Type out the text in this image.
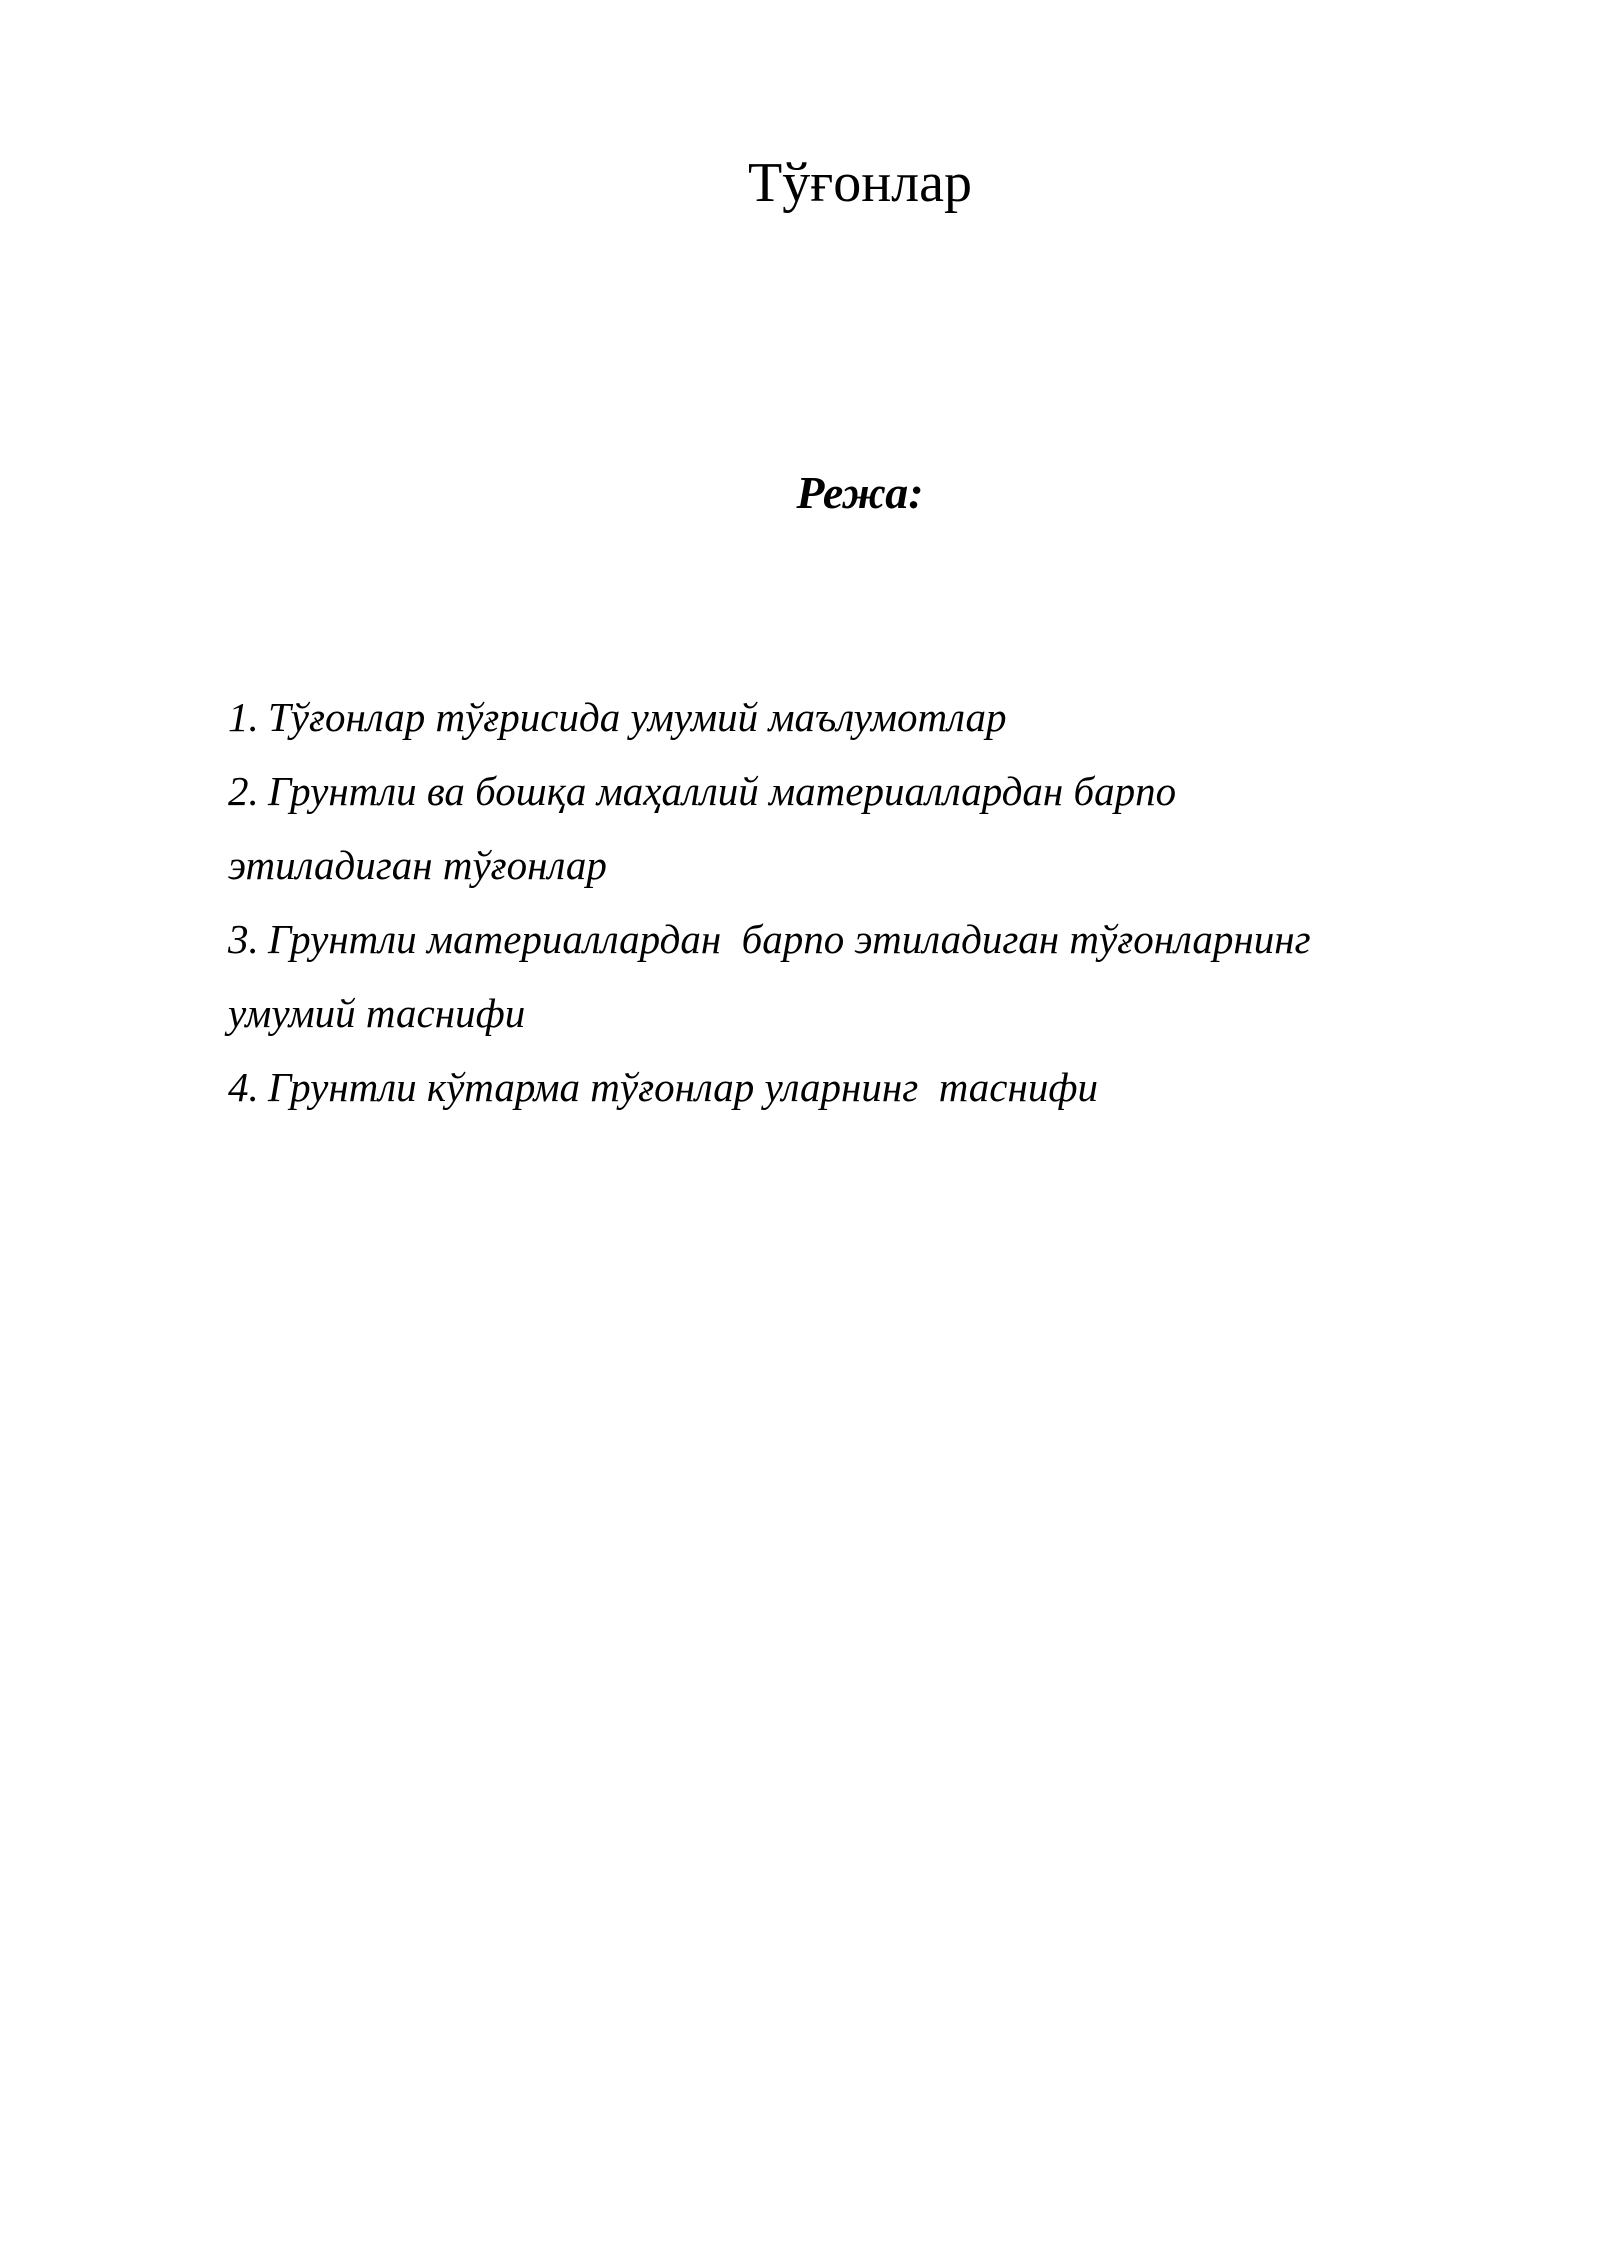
Тўғонлар
Режа:
1. Тўғонлар тўғрисида умумий маълумотлар
2. Грунтли ва бошқа маҳаллий материаллардан барпо
этиладиган тўғонлар
3. Грунтли материаллардан  барпо этиладиган тўғонларнинг
умумий таснифи
4. Грунтли кўтарма тўғонлар уларнинг  таснифи
